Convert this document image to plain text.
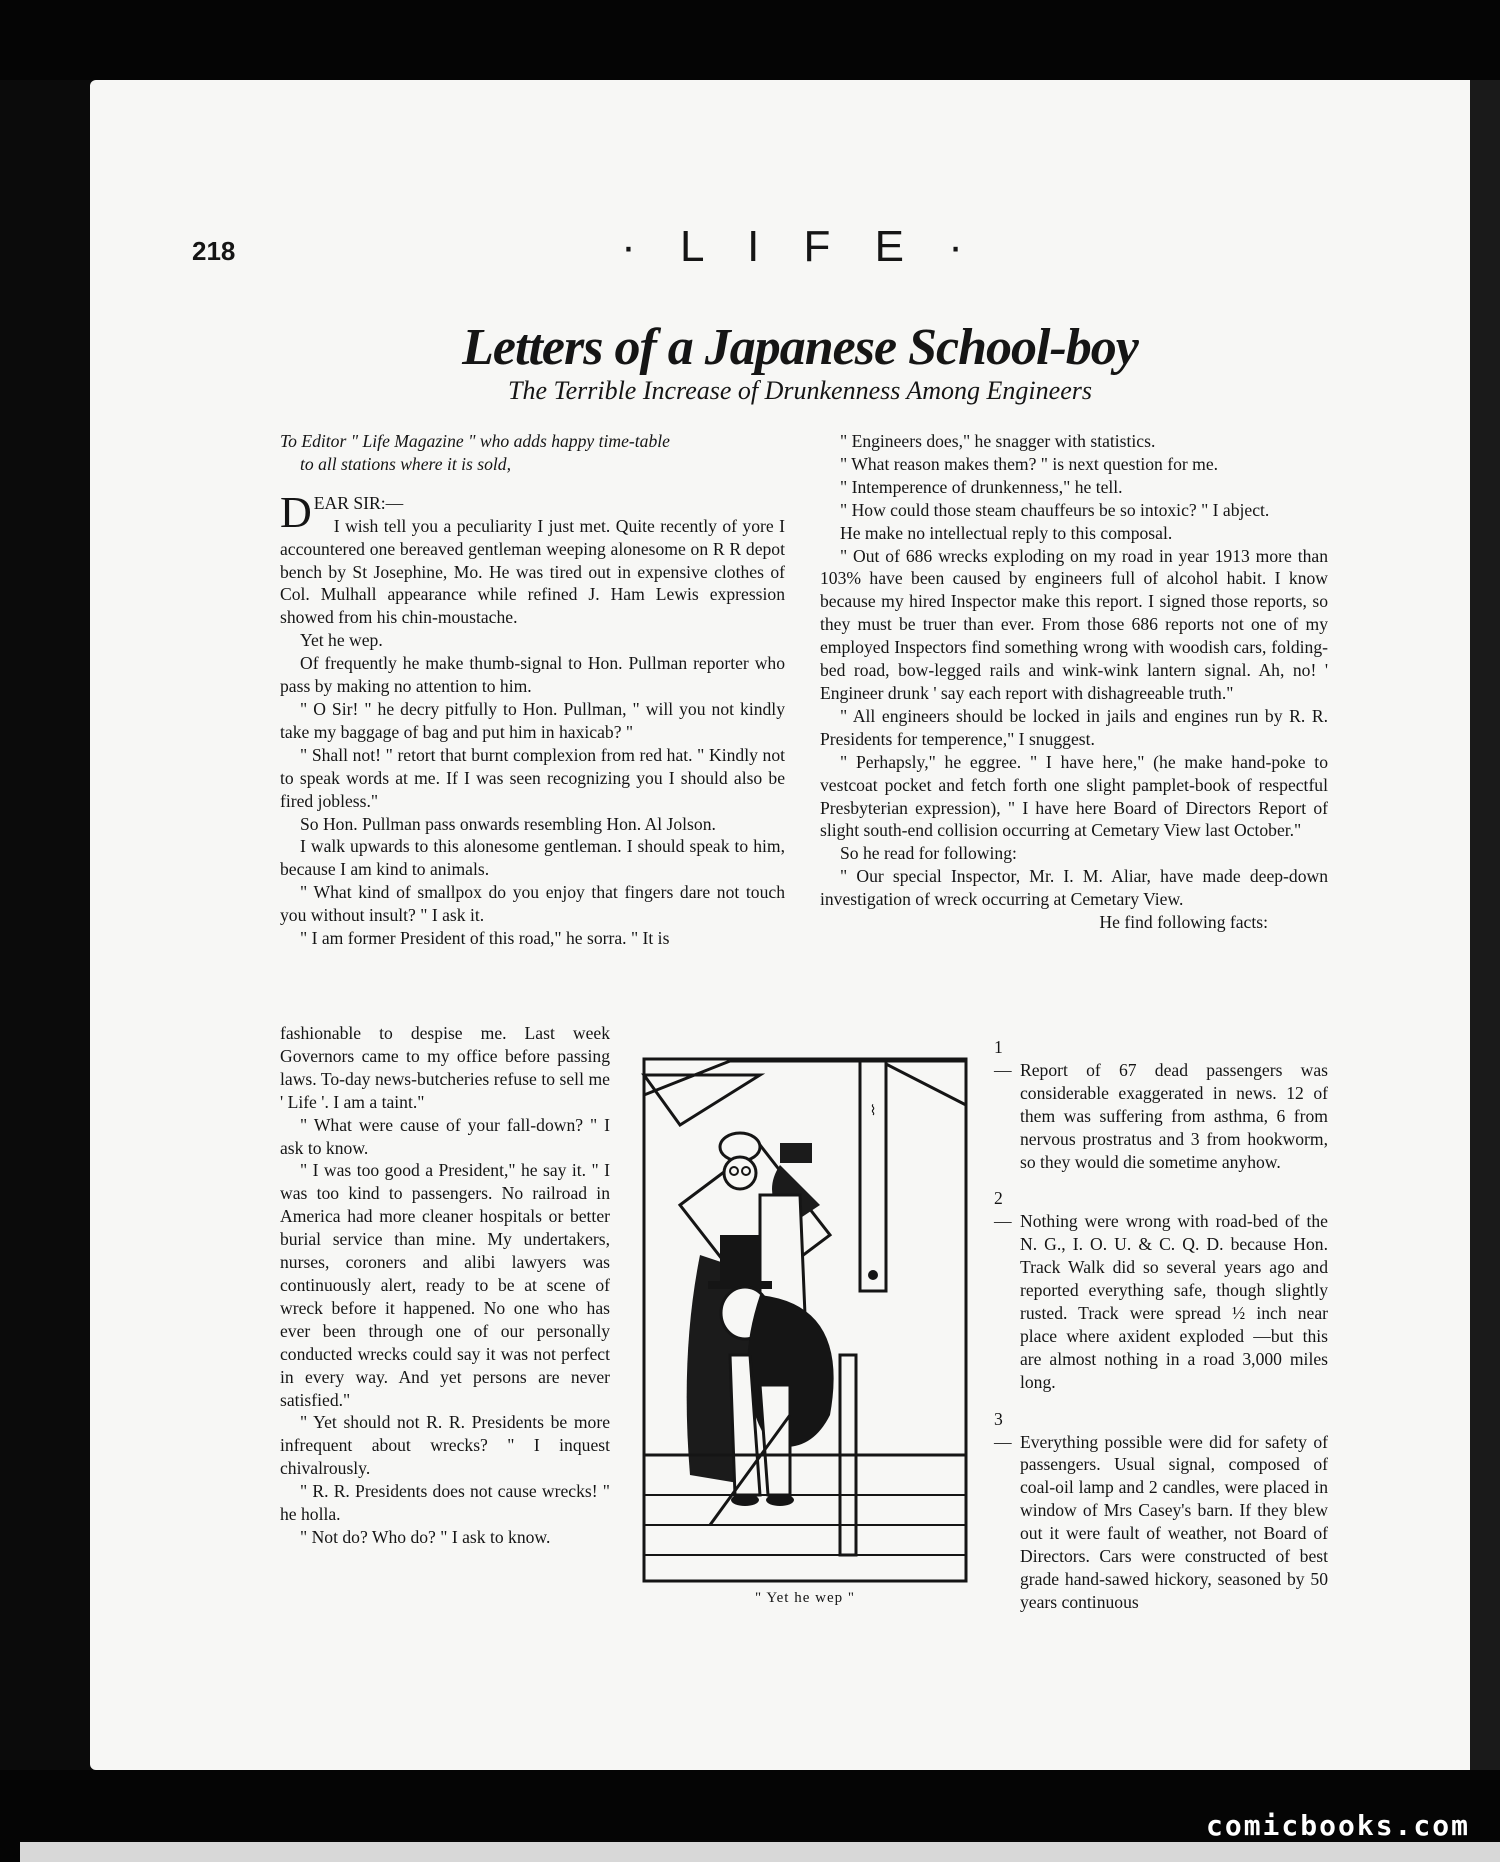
218	· L I F E ·
Letters of a Japanese School-boy
The Terrible Increase of Drunkenness Among Engineers
To Editor " Life Magazine " who adds happy time-table
to all stations where it is sold,

D EAR SIR:—

I wish tell you a peculiarity I just met. Quite recently of yore I accountered one bereaved gentleman weeping alonesome on R R depot bench by St Josephine, Mo. He was tired out in expensive clothes of Col. Mulhall appearance while refined J. Ham Lewis expression showed from his chin-moustache.

Yet he wep.

Of frequently he make thumb-signal to Hon. Pullman reporter who pass by making no attention to him.

" O Sir! " he decry pitfully to Hon. Pullman, " will you not kindly take my baggage of bag and put him in haxicab? "

" Shall not! " retort that burnt complexion from red hat. " Kindly not to speak words at me. If I was seen recognizing you I should also be fired jobless."

So Hon. Pullman pass onwards resembling Hon. Al Jolson.

I walk upwards to this alonesome gentleman. I should speak to him, because I am kind to animals.

" What kind of smallpox do you enjoy that fingers dare not touch you without insult? " I ask it.

" I am former President of this road," he sorra. " It is

fashionable to despise me. Last week Governors came to my office before passing laws. To-day news-butcheries refuse to sell me ' Life '. I am a taint."

" What were cause of your fall-down? " I ask to know.

" I was too good a President," he say it. " I was too kind to passengers. No railroad in America had more cleaner hospitals or better burial service than mine. My undertakers, nurses, coroners and alibi lawyers was continuously alert, ready to be at scene of wreck before it happened. No one who has ever been through one of our personally conducted wrecks could say it was not perfect in every way. And yet persons are never satisfied."

" Yet should not R. R. Presidents be more infrequent about wrecks? " I inquest chivalrously.

" R. R. Presidents does not cause wrecks! " he holla.

" Not do? Who do? " I ask to know.

" Engineers does," he snagger with statistics.

" What reason makes them? " is next question for me.

" Intemperence of drunkenness," he tell.

" How could those steam chauffeurs be so intoxic? " I abject.

He make no intellectual reply to this composal.

" Out of 686 wrecks exploding on my road in year 1913 more than 103% have been caused by engineers full of alcohol habit. I know because my hired Inspector make this report. I signed those reports, so they must be truer than ever. From those 686 reports not one of my employed Inspectors find something wrong with woodish cars, folding-bed road, bow-legged rails and wink-wink lantern signal. Ah, no! ' Engineer drunk ' say each report with dishagreeable truth."

" All engineers should be locked in jails and engines run by R. R. Presidents for temperence," I snuggest.

" Perhapsly," he eggree. " I have here," (he make hand-poke to vestcoat pocket and fetch forth one slight pamplet-book of respectful Presbyterian expression), " I have here Board of Directors Report of slight south-end collision occurring at Cemetary View last October."

So he read for following:

" Our special Inspector, Mr. I. M. Aliar, have made deep-down investigation of wreck occurring at Cemetary View.

He find following facts:

1— Report of 67 dead passengers was considerable exaggerated in news. 12 of them was suffering from asthma, 6 from nervous prostratus and 3 from hookworm, so they would die sometime anyhow.

2— Nothing were wrong with road-bed of the N. G., I. O. U. & C. Q. D. because Hon. Track Walk did so several years ago and reported everything safe, though slightly rusted. Track were spread ½ inch near place where axident exploded —but this are almost nothing in a road 3,000 miles long.

3— Everything possible were did for safety of passengers. Usual signal, composed of coal-oil lamp and 2 candles, were placed in window of Mrs Casey's barn. If they blew out it were fault of weather, not Board of Directors. Cars were constructed of best grade hand-sawed hickory, seasoned by 50 years continuous

⌇
" Yet he wep "
comicbooks.com
